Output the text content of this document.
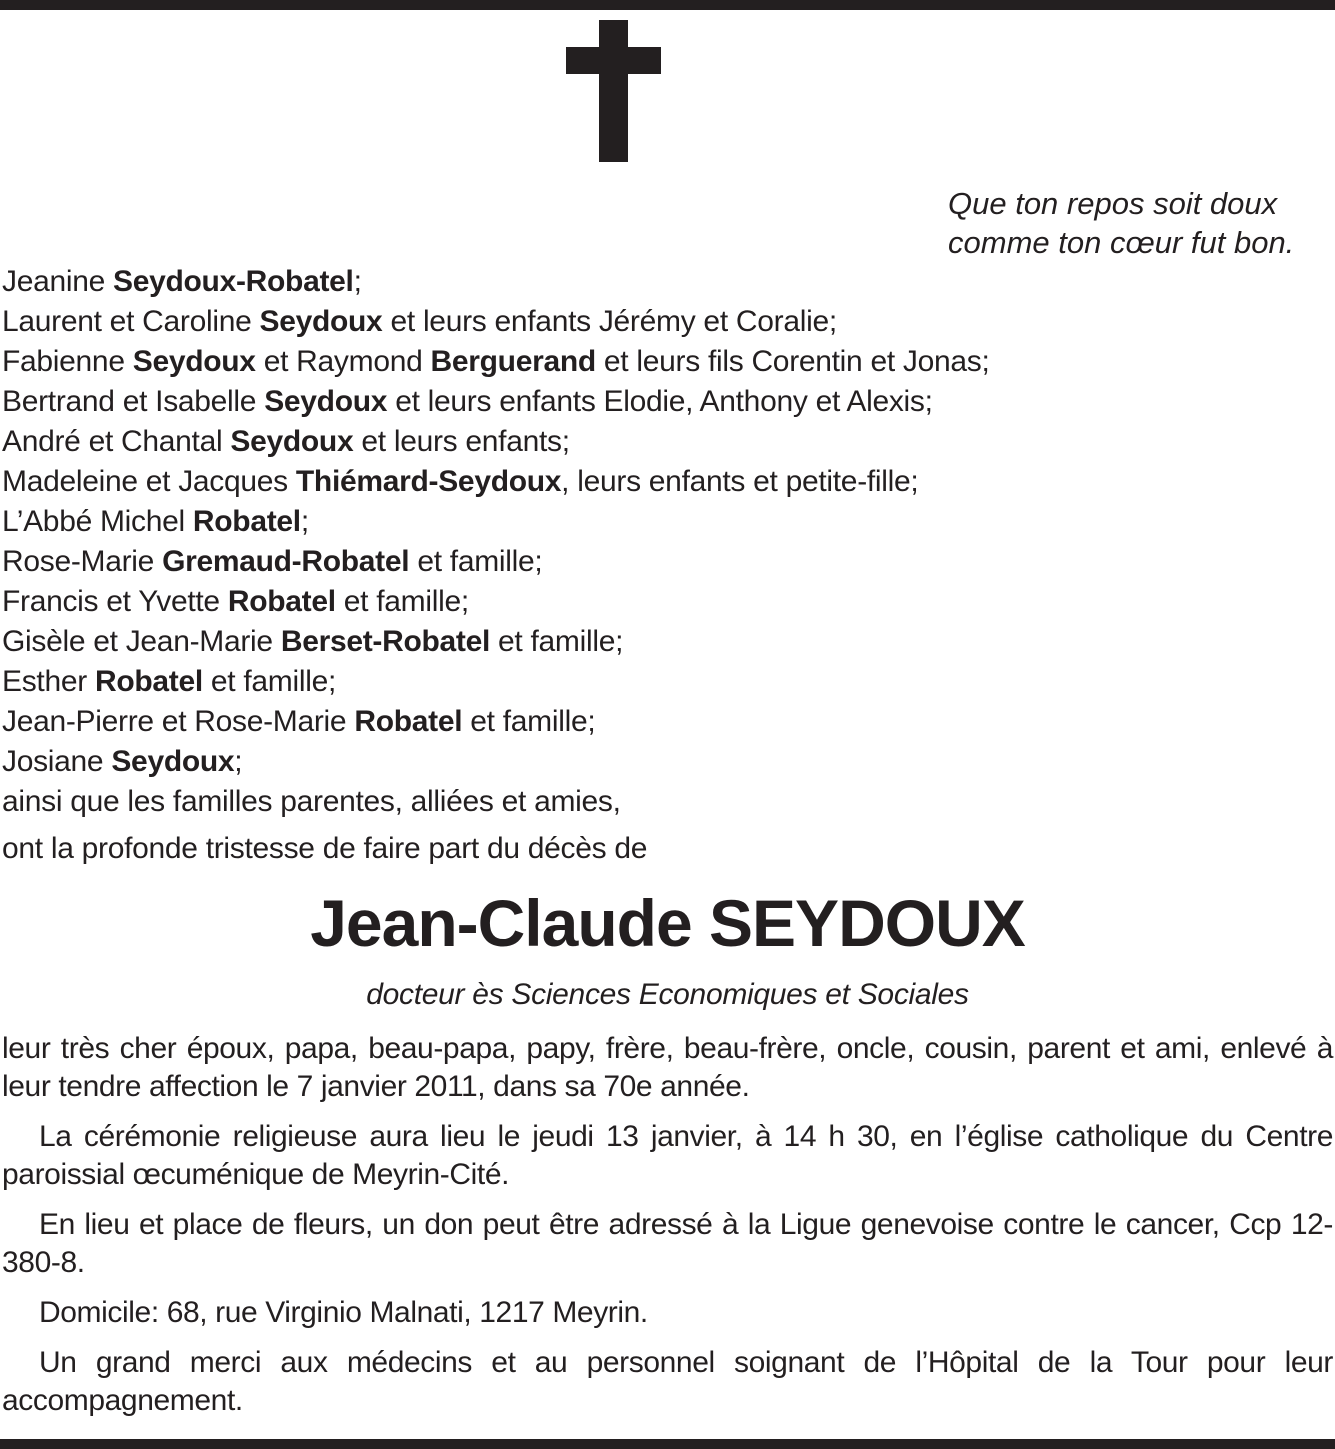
Que ton repos soit doux
comme ton cœur fut bon.
Jeanine Seydoux-Robatel;
Laurent et Caroline Seydoux et leurs enfants Jérémy et Coralie;
Fabienne Seydoux et Raymond Berguerand et leurs fils Corentin et Jonas;
Bertrand et Isabelle Seydoux et leurs enfants Elodie, Anthony et Alexis;
André et Chantal Seydoux et leurs enfants;
Madeleine et Jacques Thiémard-Seydoux, leurs enfants et petite-fille;
L’Abbé Michel Robatel;
Rose-Marie Gremaud-Robatel et famille;
Francis et Yvette Robatel et famille;
Gisèle et Jean-Marie Berset-Robatel et famille;
Esther Robatel et famille;
Jean-Pierre et Rose-Marie Robatel et famille;
Josiane Seydoux;
ainsi que les familles parentes, alliées et amies,
ont la profonde tristesse de faire part du décès de
Jean-Claude SEYDOUX
docteur ès Sciences Economiques et Sociales

leur très cher époux, papa, beau-papa, papy, frère, beau-frère, oncle, cousin, parent et ami, enlevé à leur tendre affection le 7 janvier 2011, dans sa 70e année.

La cérémonie religieuse aura lieu le jeudi 13 janvier, à 14 h 30, en l’église catholique du Centre paroissial œcuménique de Meyrin-Cité.

En lieu et place de fleurs, un don peut être adressé à la Ligue genevoise contre le cancer, Ccp 12-380-8.

Domicile: 68, rue Virginio Malnati, 1217 Meyrin.

Un grand merci aux médecins et au personnel soignant de l’Hôpital de la Tour pour leur accompagnement.
